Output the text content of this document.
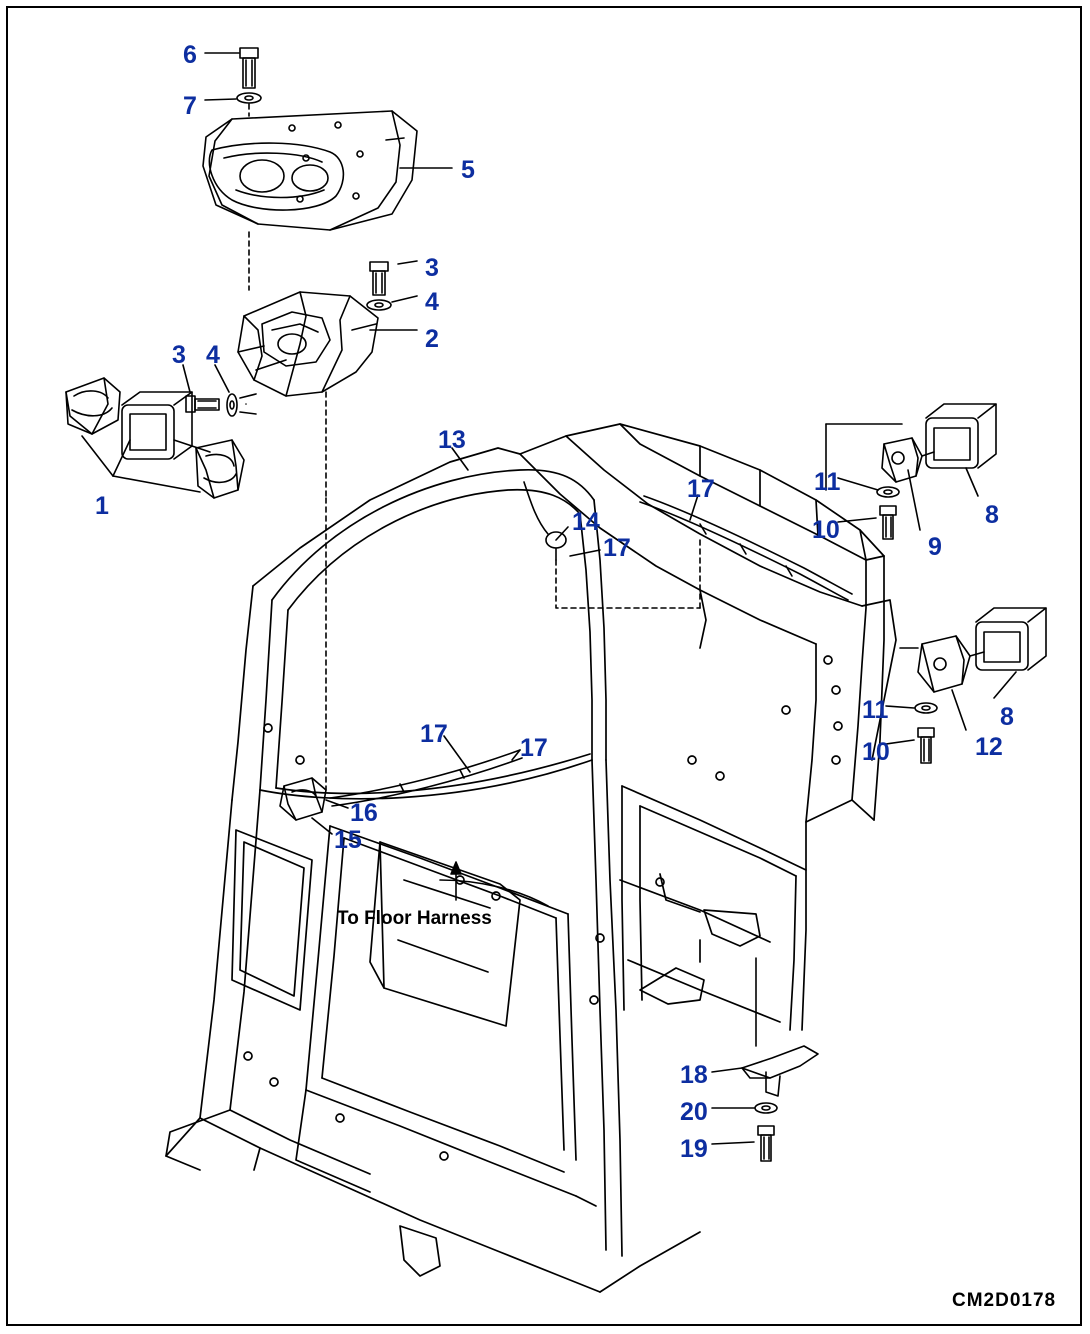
6
7
5
3
4
2
3 4
1
13
17	11
8
10
9
14
17
11	8
12
10
17	17
16
15
18
20
19
To Floor Harness
CM2D0178
